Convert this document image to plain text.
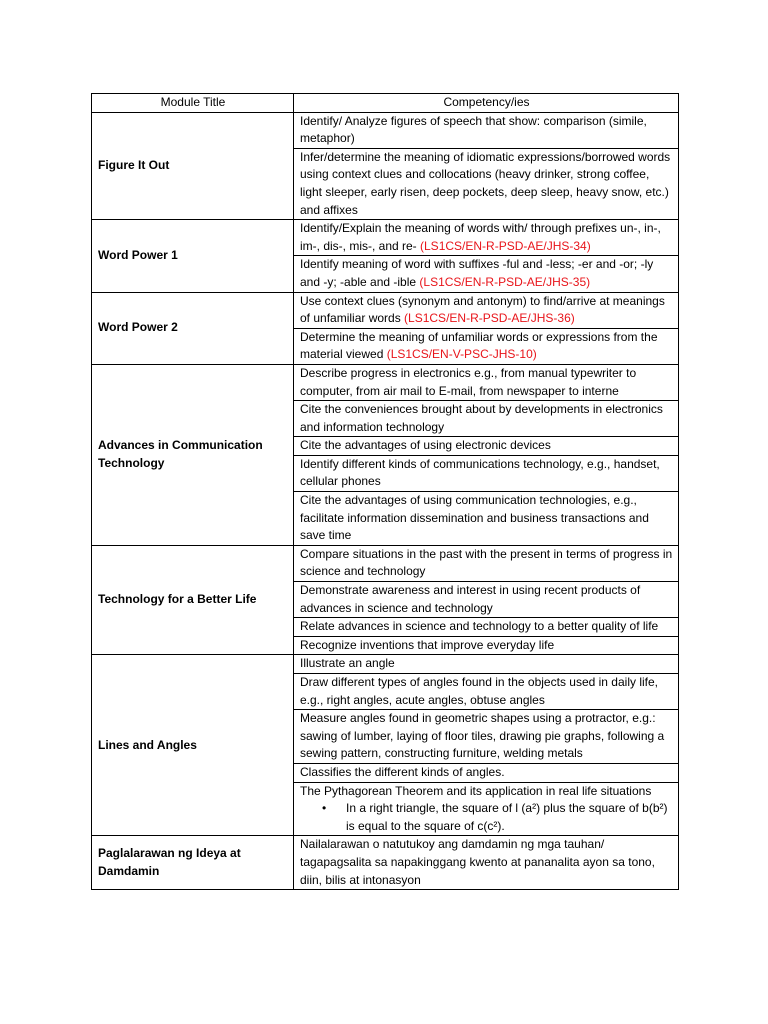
Module Title	Competency/ies
Figure It Out	Identify/ Analyze figures of speech that show: comparison (simile, metaphor)
	Infer/determine the meaning of idiomatic expressions/borrowed words using context clues and collocations (heavy drinker, strong coffee, light sleeper, early risen, deep pockets, deep sleep, heavy snow, etc.) and affixes
Word Power 1	Identify/Explain the meaning of words with/ through prefixes un-, in-, im-, dis-, mis-, and re- (LS1CS/EN-R-PSD-AE/JHS-34)
	Identify meaning of word with suffixes -ful and -less; -er and -or; -ly and -y; -able and -ible (LS1CS/EN-R-PSD-AE/JHS-35)
Word Power 2	Use context clues (synonym and antonym) to find/arrive at meanings of unfamiliar words (LS1CS/EN-R-PSD-AE/JHS-36)
	Determine the meaning of unfamiliar words or expressions from the material viewed (LS1CS/EN-V-PSC-JHS-10)
Advances in Communication Technology	Describe progress in electronics e.g., from manual typewriter to computer, from air mail to E-mail, from newspaper to interne
	Cite the conveniences brought about by developments in electronics and information technology
	Cite the advantages of using electronic devices
	Identify different kinds of communications technology, e.g., handset, cellular phones
	Cite the advantages of using communication technologies, e.g., facilitate information dissemination and business transactions and save time
Technology for a Better Life	Compare situations in the past with the present in terms of progress in science and technology
	Demonstrate awareness and interest in using recent products of advances in science and technology
	Relate advances in science and technology to a better quality of life
	Recognize inventions that improve everyday life
Lines and Angles	Illustrate an angle
	Draw different types of angles found in the objects used in daily life, e.g., right angles, acute angles, obtuse angles
	Measure angles found in geometric shapes using a protractor, e.g.: sawing of lumber, laying of floor tiles, drawing pie graphs, following a sewing pattern, constructing furniture, welding metals
	Classifies the different kinds of angles.
	The Pythagorean Theorem and its application in real life situations
• In a right triangle, the square of l (a²) plus the square of b(b²) is equal to the square of c(c²).

Paglalarawan ng Ideya at Damdamin	Nailalarawan o natutukoy ang damdamin ng mga tauhan/ tagapagsalita sa napakinggang kwento at pananalita ayon sa tono, diin, bilis at intonasyon
